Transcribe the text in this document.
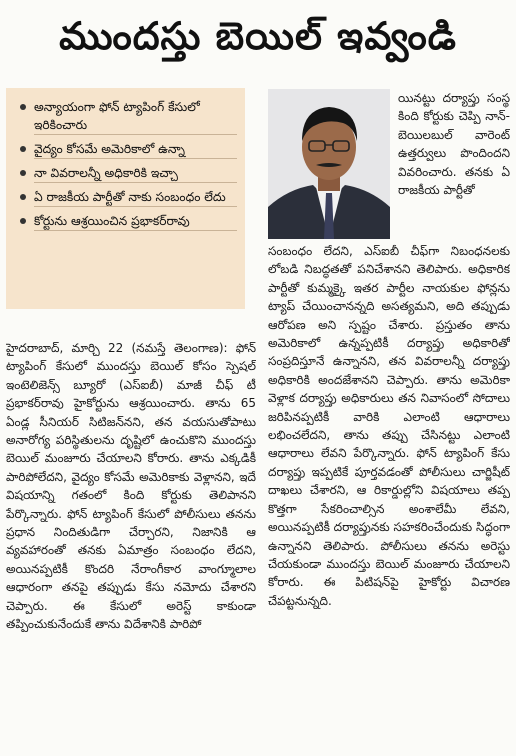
ముందస్తు బెయిల్ ఇవ్వండి
అన్యాయంగా ఫోన్ ట్యాపింగ్ కేసులో ఇరికించారు
వైద్యం కోసమే అమెరికాలో ఉన్నా
నా వివరాలన్నీ అధికారికి ఇచ్చా
ఏ రాజకీయ పార్టీతో నాకు సంబంధం లేదు
కోర్టును ఆశ్రయించిన ప్రభాకర్‌రావు

యినట్టు దర్యాప్తు సంస్థ కింది కోర్టుకు చెప్పి నాన్-బెయిలబుల్ వారెంట్ ఉత్తర్వులు పొందిందని వివరించారు. తనకు ఏ రాజకీయ పార్టీతో

సంబంధం లేదని, ఎస్ఐబీ చీఫ్‌గా నిబంధనలకు లోబడి నిబద్ధతతో పనిచేశానని తెలిపారు. అధికారిక పార్టీతో కుమ్మక్కై ఇతర పార్టీల నాయకుల ఫోన్లను ట్యాప్ చేయించానన్నది అసత్యమని, అది తప్పుడు ఆరోపణ అని స్పష్టం చేశారు. ప్రస్తుతం తాను అమెరికాలో ఉన్నప్పటికీ దర్యాప్తు అధికారితో సంప్రదిస్తూనే ఉన్నానని, తన వివరాలన్నీ దర్యాప్తు అధికారికి అందజేశానని చెప్పారు. తాను అమెరికా వెళ్లాక దర్యాప్తు అధికారులు తన నివాసంలో సోదాలు జరిపినప్పటికీ వారికి ఎలాంటి ఆధారాలు లభించలేదని, తాను తప్పు చేసినట్టు ఎలాంటి ఆధారాలు లేవని పేర్కొన్నారు. ఫోన్ ట్యాపింగ్ కేసు దర్యాప్తు ఇప్పటికే పూర్తవడంతో పోలీసులు చార్జిషీట్ దాఖలు చేశారని, ఆ రికార్డుల్లోని విషయాలు తప్ప కొత్తగా సేకరించాల్సిన అంశాలేమీ లేవని, అయినప్పటికీ దర్యాప్తునకు సహకరించేందుకు సిద్ధంగా ఉన్నానని తెలిపారు. పోలీసులు తనను అరెస్టు చేయకుండా ముందస్తు బెయిల్ మంజూరు చేయాలని కోరారు. ఈ పిటిషన్‌పై హైకోర్టు విచారణ చేపట్టనున్నది.

హైదరాబాద్, మార్చి 22 (నమస్తే తెలంగాణ): ఫోన్ ట్యాపింగ్ కేసులో ముందస్తు బెయిల్ కోసం స్పెషల్ ఇంటెలిజెన్స్ బ్యూరో (ఎస్ఐబీ) మాజీ చీఫ్ టీ ప్రభాకర్‌రావు హైకోర్టును ఆశ్రయించారు. తాను 65 ఏండ్ల సీనియర్ సిటిజన్‌నని, తన వయసుతోపాటు అనారోగ్య పరిస్థితులను దృష్టిలో ఉంచుకొని ముందస్తు బెయిల్ మంజూరు చేయాలని కోరారు. తాను ఎక్కడికీ పారిపోలేదని, వైద్యం కోసమే అమెరికాకు వెళ్లానని, ఇదే విషయాన్ని గతంలో కింది కోర్టుకు తెలిపానని పేర్కొన్నారు. ఫోన్ ట్యాపింగ్ కేసులో పోలీసులు తనను ప్రధాన నిందితుడిగా చేర్చారని, నిజానికి ఆ వ్యవహారంతో తనకు ఏమాత్రం సంబంధం లేదని, అయినప్పటికీ కొందరి నేరాంగీకార వాంగ్మూలాల ఆధారంగా తనపై తప్పుడు కేసు నమోదు చేశారని చెప్పారు. ఈ కేసులో అరెస్ట్ కాకుండా తప్పించుకునేందుకే తాను విదేశానికి పారిపో
